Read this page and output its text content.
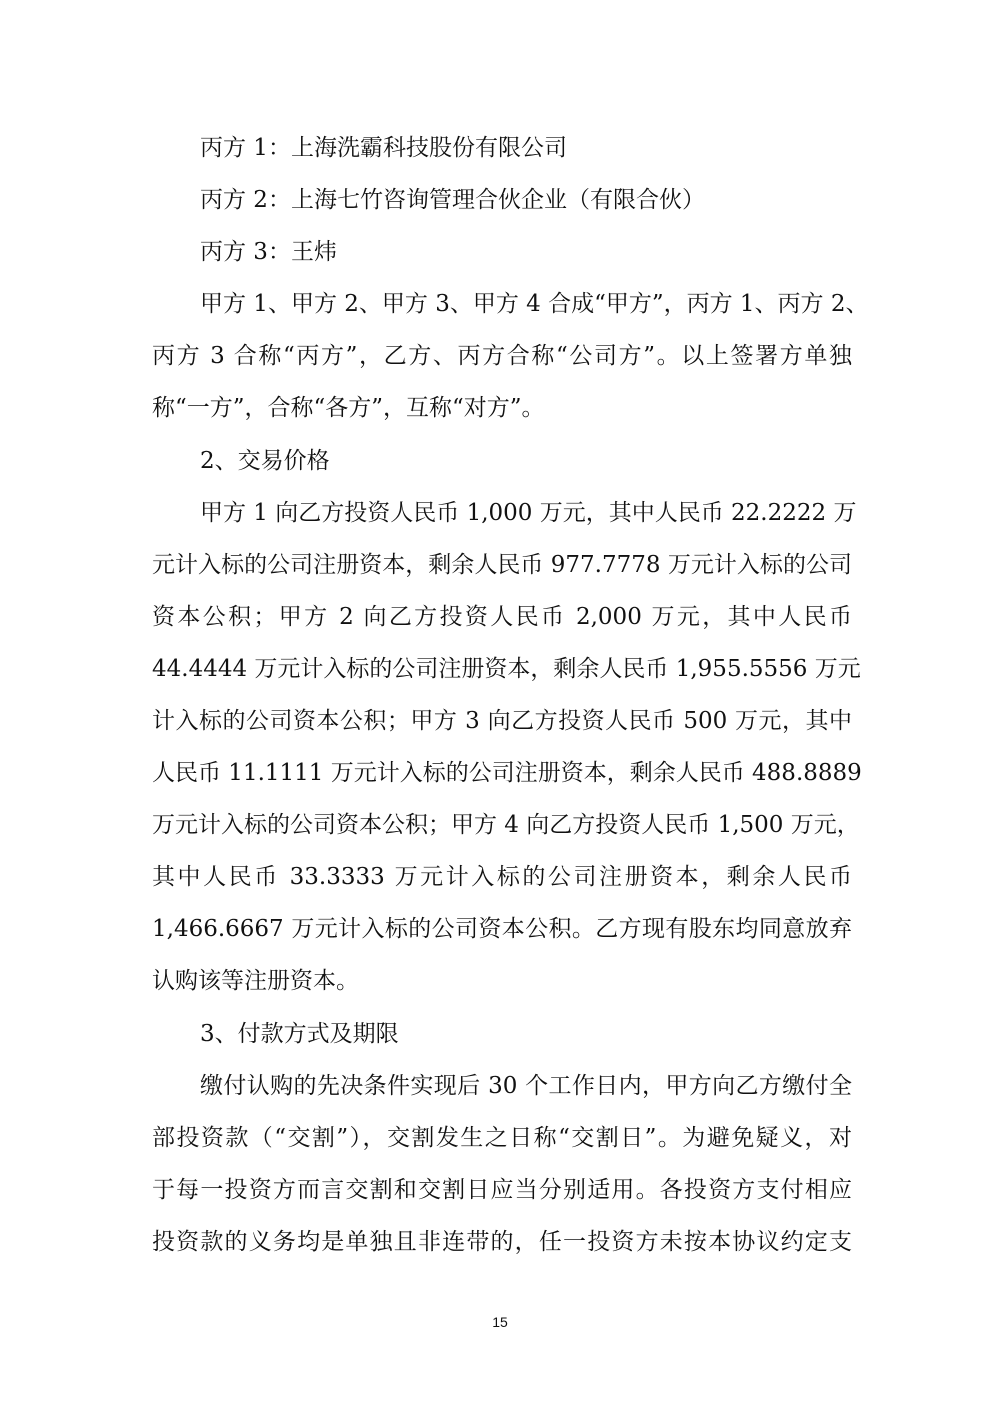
丙方 1：上海洗霸科技股份有限公司
丙方 2：上海七竹咨询管理合伙企业（有限合伙）
丙方 3：王炜
甲方 1、甲方 2、甲方 3、甲方 4 合成“甲方”，丙方 1、丙方 2、
丙方 3 合称“丙方”，乙方、丙方合称“公司方”。以上签署方单独
称“一方”，合称“各方”，互称“对方”。
2、交易价格
甲方 1 向乙方投资人民币 1,000 万元，其中人民币 22.2222 万
元计入标的公司注册资本，剩余人民币 977.7778 万元计入标的公司
资本公积；甲方 2 向乙方投资人民币 2,000 万元，其中人民币
44.4444 万元计入标的公司注册资本，剩余人民币 1,955.5556 万元
计入标的公司资本公积；甲方 3 向乙方投资人民币 500 万元，其中
人民币 11.1111 万元计入标的公司注册资本，剩余人民币 488.8889
万元计入标的公司资本公积；甲方 4 向乙方投资人民币 1,500 万元，
其中人民币 33.3333 万元计入标的公司注册资本，剩余人民币
1,466.6667 万元计入标的公司资本公积。乙方现有股东均同意放弃
认购该等注册资本。
3、付款方式及期限
缴付认购的先决条件实现后 30 个工作日内，甲方向乙方缴付全
部投资款（“交割”），交割发生之日称“交割日”。为避免疑义，对
于每一投资方而言交割和交割日应当分别适用。各投资方支付相应
投资款的义务均是单独且非连带的，任一投资方未按本协议约定支
15
